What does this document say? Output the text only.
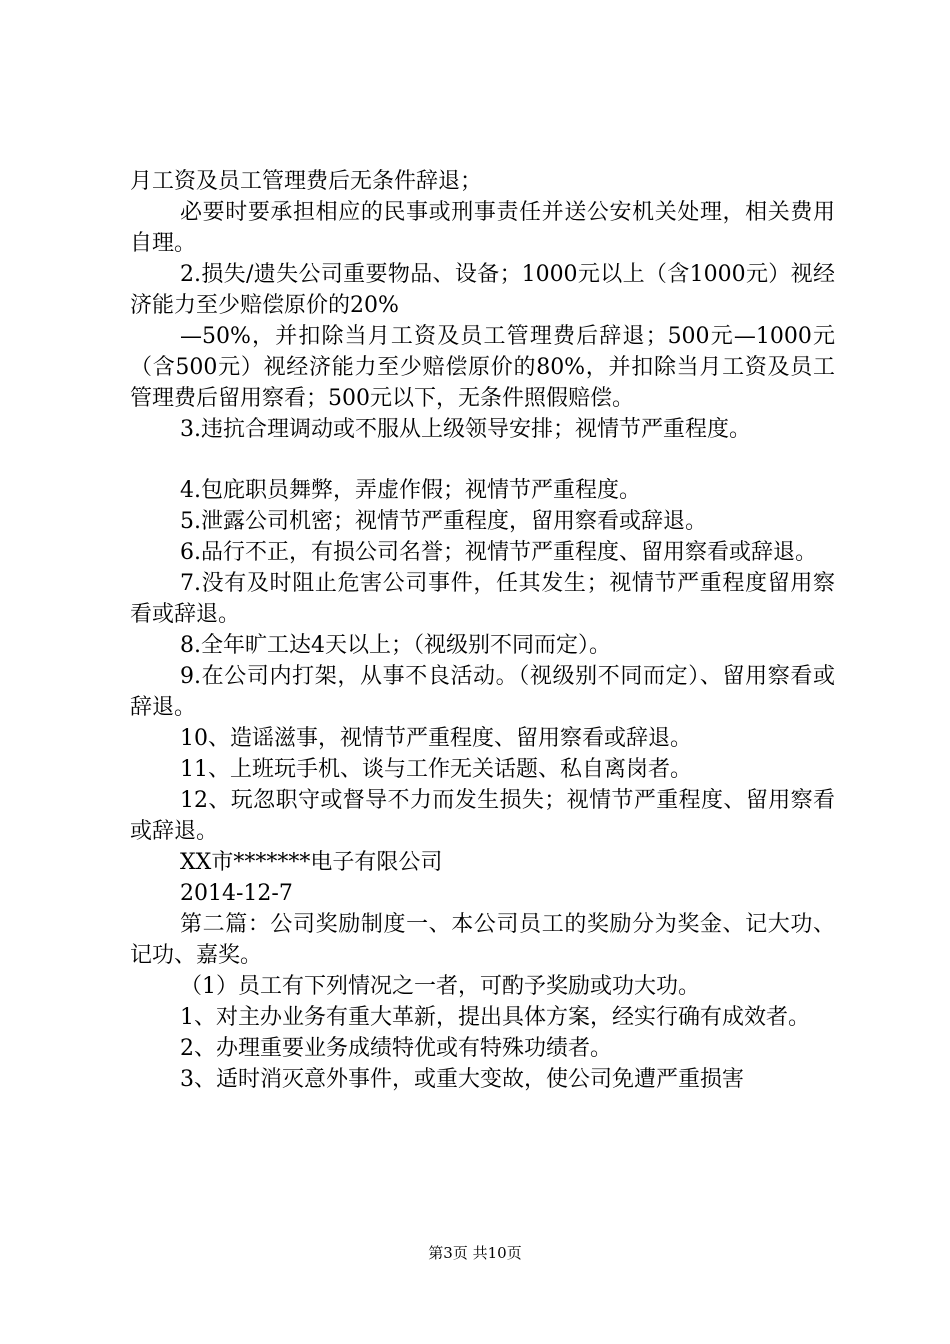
月工资及员工管理费后无条件辞退；

必要时要承担相应的民事或刑事责任并送公安机关处理，相关费用自理。

2.损失/遗失公司重要物品、设备；1000元以上（含1000元）视经济能力至少赔偿原价的20%

—50%，并扣除当月工资及员工管理费后辞退；500元—1000元（含500元）视经济能力至少赔偿原价的80%，并扣除当月工资及员工管理费后留用察看；500元以下，无条件照假赔偿。

3.违抗合理调动或不服从上级领导安排；视情节严重程度。

4.包庇职员舞弊，弄虚作假；视情节严重程度。

5.泄露公司机密；视情节严重程度，留用察看或辞退。

6.品行不正，有损公司名誉；视情节严重程度、留用察看或辞退。

7.没有及时阻止危害公司事件，任其发生；视情节严重程度留用察看或辞退。

8.全年旷工达4天以上；（视级别不同而定）。

9.在公司内打架，从事不良活动。（视级别不同而定）、留用察看或辞退。

10、造谣滋事，视情节严重程度、留用察看或辞退。

11、上班玩手机、谈与工作无关话题、私自离岗者。

12、玩忽职守或督导不力而发生损失；视情节严重程度、留用察看或辞退。

XX市*******电子有限公司

2014-12-7

第二篇：公司奖励制度一、本公司员工的奖励分为奖金、记大功、记功、嘉奖。

（1）员工有下列情况之一者，可酌予奖励或功大功。

1、对主办业务有重大革新，提出具体方案，经实行确有成效者。

2、办理重要业务成绩特优或有特殊功绩者。

3、适时消灭意外事件，或重大变故，使公司免遭严重损害

第3页 共10页
